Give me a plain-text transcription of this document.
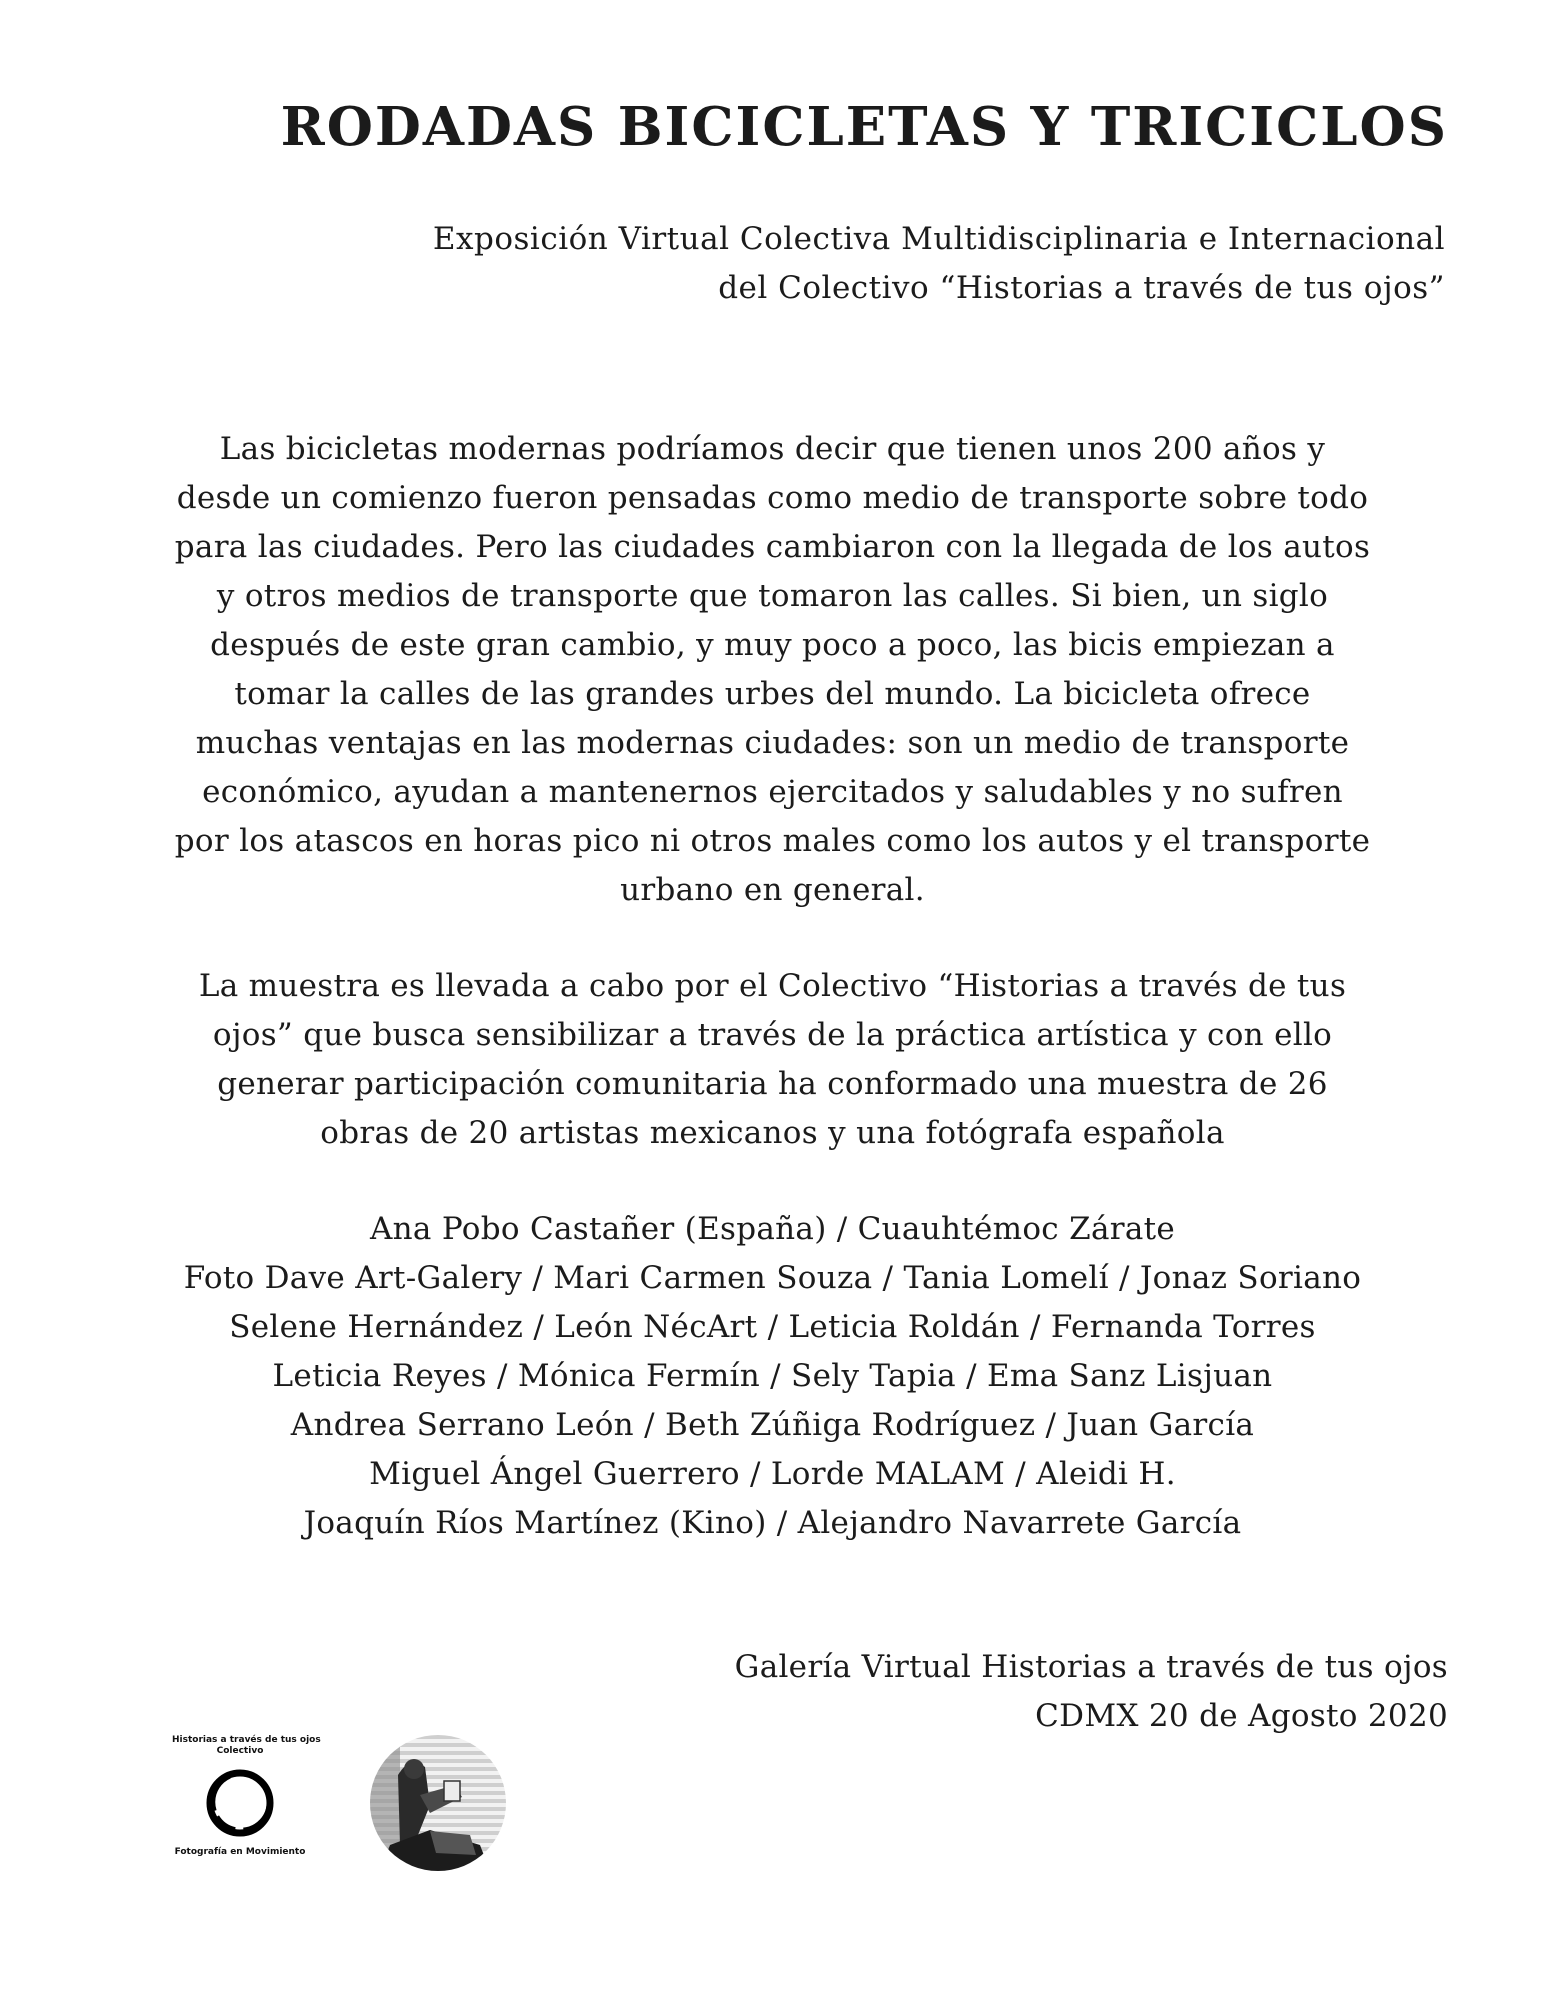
RODADAS BICICLETAS Y TRICICLOS
Exposición Virtual Colectiva Multidisciplinaria e Internacional
del Colectivo “Historias a través de tus ojos”
Las bicicletas modernas podríamos decir que tienen unos 200 años y
desde un comienzo fueron pensadas como medio de transporte sobre todo
para las ciudades. Pero las ciudades cambiaron con la llegada de los autos
y otros medios de transporte que tomaron las calles. Si bien, un siglo
después de este gran cambio, y muy poco a poco, las bicis empiezan a
tomar la calles de las grandes urbes del mundo. La bicicleta ofrece
muchas ventajas en las modernas ciudades: son un medio de transporte
económico, ayudan a mantenernos ejercitados y saludables y no sufren
por los atascos en horas pico ni otros males como los autos y el transporte
urbano en general.
La muestra es llevada a cabo por el Colectivo “Historias a través de tus
ojos” que busca sensibilizar a través de la práctica artística y con ello
generar participación comunitaria ha conformado una muestra de 26
obras de 20 artistas mexicanos y una fotógrafa española
Ana Pobo Castañer (España) / Cuauhtémoc Zárate
Foto Dave Art-Galery / Mari Carmen Souza / Tania Lomelí / Jonaz Soriano
Selene Hernández / León NécArt / Leticia Roldán / Fernanda Torres
Leticia Reyes / Mónica Fermín / Sely Tapia / Ema Sanz Lisjuan
Andrea Serrano León / Beth Zúñiga Rodríguez / Juan García
Miguel Ángel Guerrero / Lorde MALAM / Aleidi H.
Joaquín Ríos Martínez (Kino) / Alejandro Navarrete García
Galería Virtual Historias a través de tus ojos
CDMX 20 de Agosto 2020
Historias a través de tus ojos
Colectivo
Fotografía en Movimiento
